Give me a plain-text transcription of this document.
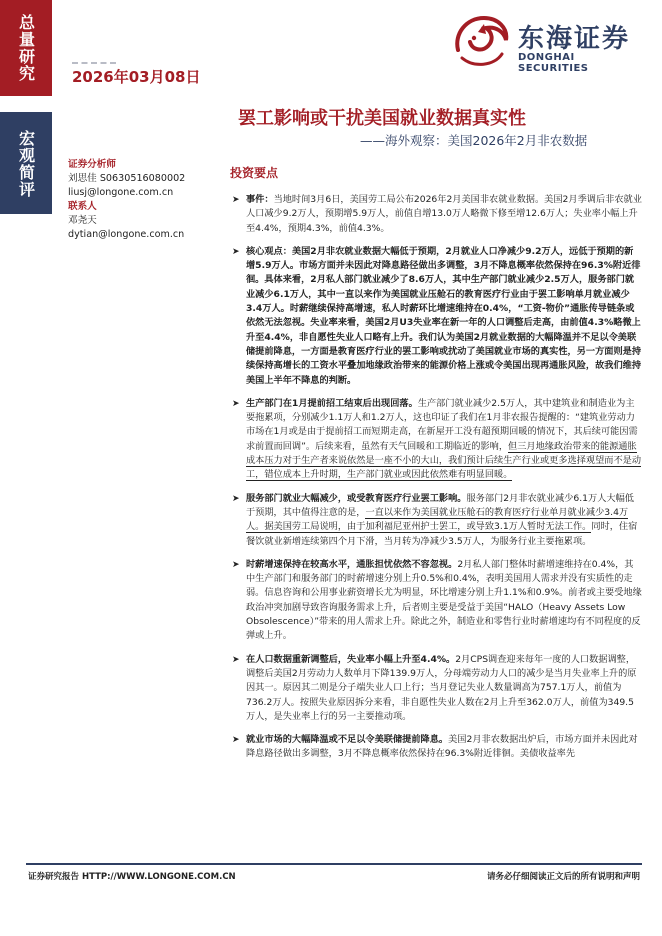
总量研究
宏观简评
2026年03月08日
东海证券
DONGHAI SECURITIES
罢工影响或干扰美国就业数据真实性
——海外观察：美国2026年2月非农数据
证券分析师
刘思佳 S0630516080002
liusj@longone.com.cn
联系人
邓尧天
dytian@longone.com.cn
投资要点
➤ 事件：当地时间3月6日，美国劳工局公布2026年2月美国非农就业数据。美国2月季调后非农就业人口减少9.2万人，预期增5.9万人，前值自增13.0万人略微下修至增12.6万人；失业率小幅上升至4.4%，预期4.3%，前值4.3%。
➤ 核心观点：美国2月非农就业数据大幅低于预期，2月就业人口净减少9.2万人，远低于预期的新增5.9万人。市场方面并未因此对降息路径做出多调整，3月不降息概率依然保持在96.3%附近徘徊。具体来看，2月私人部门就业减少了8.6万人，其中生产部门就业减少2.5万人，服务部门就业减少6.1万人，其中一直以来作为美国就业压舱石的教育医疗行业由于罢工影响单月就业减少3.4万人。时薪继续保持高增速，私人时薪环比增速维持在0.4%，“工资-物价”通胀传导链条或依然无法忽视。失业率来看，美国2月U3失业率在新一年的人口调整后走高，由前值4.3%略微上升至4.4%，非自愿性失业人口略有上升。我们认为美国2月就业数据的大幅降温并不足以令美联储提前降息，一方面是教育医疗行业的罢工影响或扰动了美国就业市场的真实性，另一方面则是持续保持高增长的工资水平叠加地缘政治带来的能源价格上涨或令美国出现再通胀风险，故我们维持美国上半年不降息的判断。
➤ 生产部门在1月提前招工结束后出现回落。生产部门就业减少2.5万人，其中建筑业和制造业为主要拖累项，分别减少1.1万人和1.2万人，这也印证了我们在1月非农报告提醒的：“建筑业劳动力市场在1月或是由于提前招工而短期走高，在新屋开工没有超预期回暖的情况下，其后续可能因需求前置而回调”。后续来看，虽然有天气回暖和工期临近的影响，但三月地缘政治带来的能源通胀成本压力对于生产者来说依然是一座不小的大山，我们预计后续生产行业或更多选择观望而不是动工，错位成本上升时期，生产部门就业或因此依然难有明显回暖。
➤ 服务部门就业大幅减少，或受教育医疗行业罢工影响。服务部门2月非农就业减少6.1万人大幅低于预期，其中值得注意的是，一直以来作为美国就业压舱石的教育医疗行业单月就业减少3.4万人。据美国劳工局说明，由于加利福尼亚州护士罢工，或导致3.1万人暂时无法工作。同时，住宿餐饮就业新增连续第四个月下滑，当月转为净减少3.5万人，为服务行业主要拖累项。
➤ 时薪增速保持在较高水平，通胀担忧依然不容忽视。2月私人部门整体时薪增速维持在0.4%，其中生产部门和服务部门的时薪增速分别上升0.5%和0.4%，表明美国用人需求并没有实质性的走弱。信息咨询和公用事业薪资增长尤为明显，环比增速分别上升1.1%和0.9%。前者或主要受地缘政治冲突加剧导致咨询服务需求上升，后者则主要是受益于美国“HALO（Heavy Assets Low Obsolescence）”带来的用人需求上升。除此之外，制造业和零售行业时薪增速均有不同程度的反弹或上升。
➤ 在人口数据重新调整后，失业率小幅上升至4.4%。2月CPS调查迎来每年一度的人口数据调整，调整后美国2月劳动力人数单月下降139.9万人，分母端劳动力人口的减少是当月失业率上升的原因其一。原因其二则是分子端失业人口上行；当月登记失业人数量调高为757.1万人，前值为736.2万人。按照失业原因拆分来看，非自愿性失业人数在2月上升至362.0万人，前值为349.5万人，是失业率上行的另一主要推动项。
➤ 就业市场的大幅降温或不足以令美联储提前降息。美国2月非农数据出炉后，市场方面并未因此对降息路径做出多调整，3月不降息概率依然保持在96.3%附近徘徊。美债收益率先
证券研究报告 HTTP://WWW.LONGONE.COM.CN	请务必仔细阅读正文后的所有说明和声明
